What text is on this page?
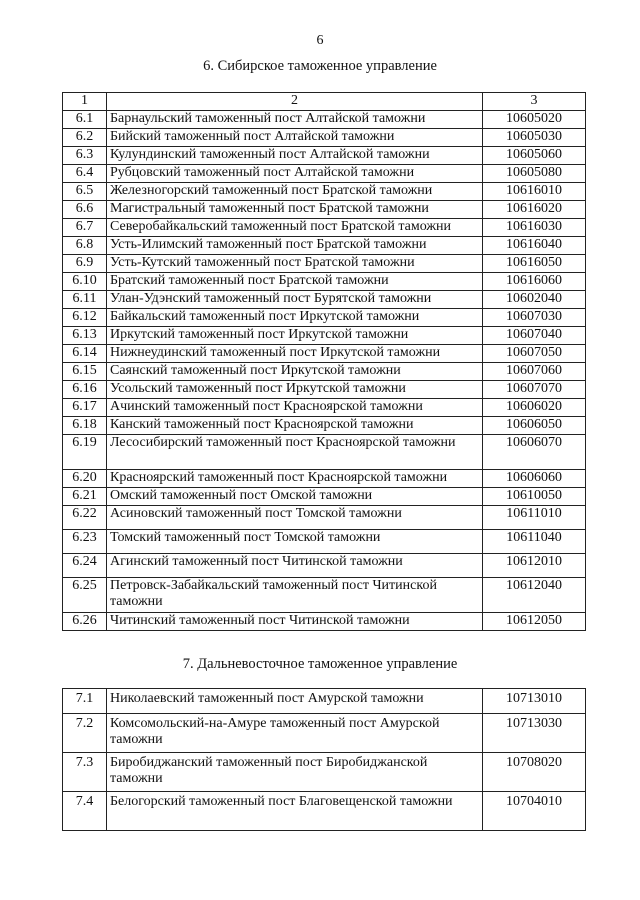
6
6. Сибирское таможенное управление
1	2	3
6.1	Барнаульский таможенный пост Алтайской таможни	10605020
6.2	Бийский таможенный пост Алтайской таможни	10605030
6.3	Кулундинский таможенный пост Алтайской таможни	10605060
6.4	Рубцовский таможенный пост Алтайской таможни	10605080
6.5	Железногорский таможенный пост Братской таможни	10616010
6.6	Магистральный таможенный пост Братской таможни	10616020
6.7	Северобайкальский таможенный пост Братской таможни	10616030
6.8	Усть-Илимский таможенный пост Братской таможни	10616040
6.9	Усть-Кутский таможенный пост Братской таможни	10616050
6.10	Братский таможенный пост Братской таможни	10616060
6.11	Улан-Удэнский таможенный пост Бурятской таможни	10602040
6.12	Байкальский таможенный пост Иркутской таможни	10607030
6.13	Иркутский таможенный пост Иркутской таможни	10607040
6.14	Нижнеудинский таможенный пост Иркутской таможни	10607050
6.15	Саянский таможенный пост Иркутской таможни	10607060
6.16	Усольский таможенный пост Иркутской таможни	10607070
6.17	Ачинский таможенный пост Красноярской таможни	10606020
6.18	Канский таможенный пост Красноярской таможни	10606050
6.19	Лесосибирский таможенный пост Красноярской таможни	10606070
6.20	Красноярский таможенный пост Красноярской таможни	10606060
6.21	Омский таможенный пост Омской таможни	10610050
6.22	Асиновский таможенный пост Томской таможни	10611010
6.23	Томский таможенный пост Томской таможни	10611040
6.24	Агинский таможенный пост Читинской таможни	10612010
6.25	Петровск-Забайкальский таможенный пост Читинской таможни	10612040
6.26	Читинский таможенный пост Читинской таможни	10612050
7. Дальневосточное таможенное управление
7.1	Николаевский таможенный пост Амурской таможни	10713010
7.2	Комсомольский-на-Амуре таможенный пост Амурской таможни	10713030
7.3	Биробиджанский таможенный пост Биробиджанской таможни	10708020
7.4	Белогорский таможенный пост Благовещенской таможни	10704010
